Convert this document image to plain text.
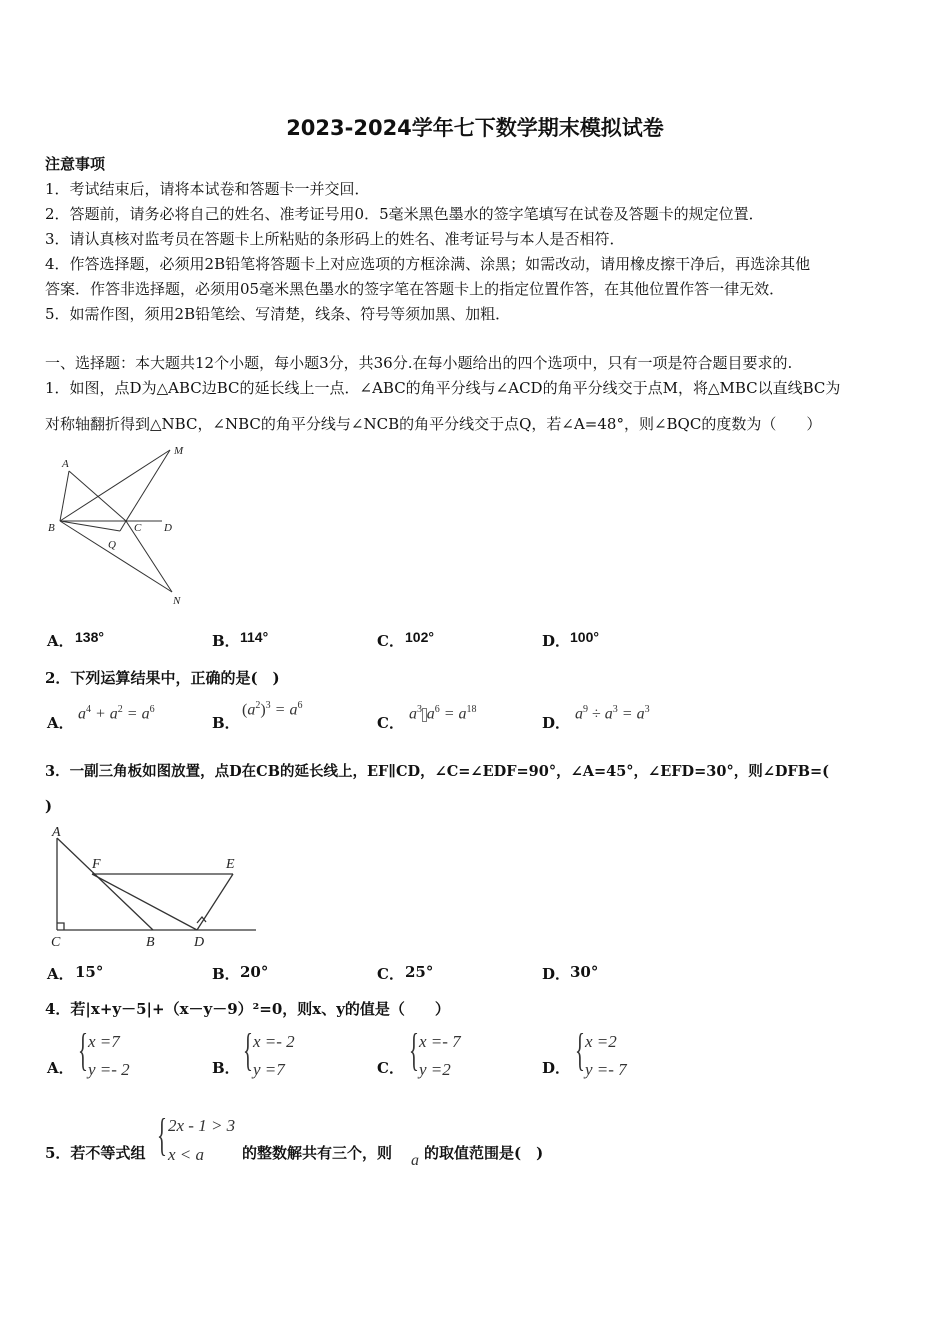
2023-2024学年七下数学期末模拟试卷
注意事项
1．考试结束后，请将本试卷和答题卡一并交回．
2．答题前，请务必将自己的姓名、准考证号用0．5毫米黑色墨水的签字笔填写在试卷及答题卡的规定位置．
3．请认真核对监考员在答题卡上所粘贴的条形码上的姓名、准考证号与本人是否相符．
4．作答选择题，必须用2B铅笔将答题卡上对应选项的方框涂满、涂黑；如需改动，请用橡皮擦干净后，再选涂其他
答案．作答非选择题，必须用05毫米黑色墨水的签字笔在答题卡上的指定位置作答，在其他位置作答一律无效．
5．如需作图，须用2B铅笔绘、写清楚，线条、符号等须加黑、加粗．
一、选择题：本大题共12个小题，每小题3分，共36分.在每小题给出的四个选项中，只有一项是符合题目要求的.
1．如图，点D为△ABC边BC的延长线上一点．∠ABC的角平分线与∠ACD的角平分线交于点M，将△MBC以直线BC为
对称轴翻折得到△NBC，∠NBC的角平分线与∠NCB的角平分线交于点Q，若∠A=48°，则∠BQC的度数为（　　）
A
M
B	C D
Q
N
A． 138°	B． 114°	C． 102°	D． 100°
2．下列运算结果中，正确的是(　)
A．
$a^4 + a^2 = a^6$
B．
$(a^2)^3 = a^6$
C．
$a^3$ $a^6 = a^{18}$
D．
$a^9 \div a^3 = a^3$
3．一副三角板如图放置，点D在CB的延长线上，EF∥CD，∠C=∠EDF=90°，∠A=45°，∠EFD=30°，则∠DFB=(
)
A
F	E
C	B	D
A． 15°	B． 20°	C． 25°	D． 30°
4．若|x+y－5|+（x－y－9）²=0，则x、y的值是（　　）
A． { x =7
y =- 2	B． { x =- 2
y =7	C． { x =- 7
y =2	D． { x =2
y =- 7
5．若不等式组 { 2x - 1 > 3
x < a	的整数解共有三个，则 a 的取值范围是(　)
